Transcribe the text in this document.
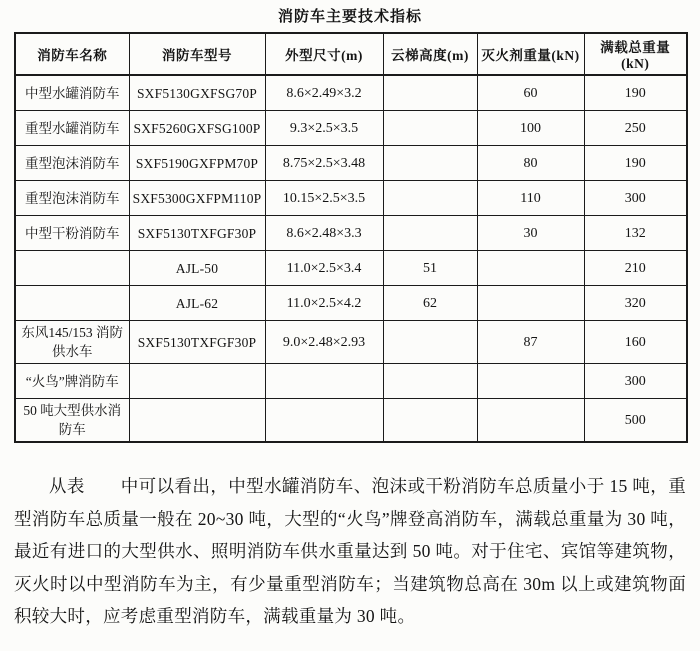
消防车主要技术指标
消防车名称	消防车型号	外型尺寸(m)	云梯高度(m)	灭火剂重量(kN)	满载总重量(kN)
中型水罐消防车	SXF5130GXFSG70P	8.6×2.49×3.2		60	190
重型水罐消防车	SXF5260GXFSG100P	9.3×2.5×3.5		100	250
重型泡沫消防车	SXF5190GXFPM70P	8.75×2.5×3.48		80	190
重型泡沫消防车	SXF5300GXFPM110P	10.15×2.5×3.5		110	300
中型干粉消防车	SXF5130TXFGF30P	8.6×2.48×3.3		30	132
	AJL-50	11.0×2.5×3.4	51		210
	AJL-62	11.0×2.5×4.2	62		320
东风145/153 消防供水车	SXF5130TXFGF30P	9.0×2.48×2.93		87	160
“火鸟”牌消防车					300
50 吨大型供水消防车					500

从表　　中可以看出，中型水罐消防车、泡沫或干粉消防车总质量小于 15 吨，重型消防车总质量一般在 20~30 吨，大型的“火鸟”牌登高消防车，满载总重量为 30 吨，最近有进口的大型供水、照明消防车供水重量达到 50 吨。对于住宅、宾馆等建筑物，灭火时以中型消防车为主，有少量重型消防车；当建筑物总高在 30m 以上或建筑物面积较大时，应考虑重型消防车，满载重量为 30 吨。
